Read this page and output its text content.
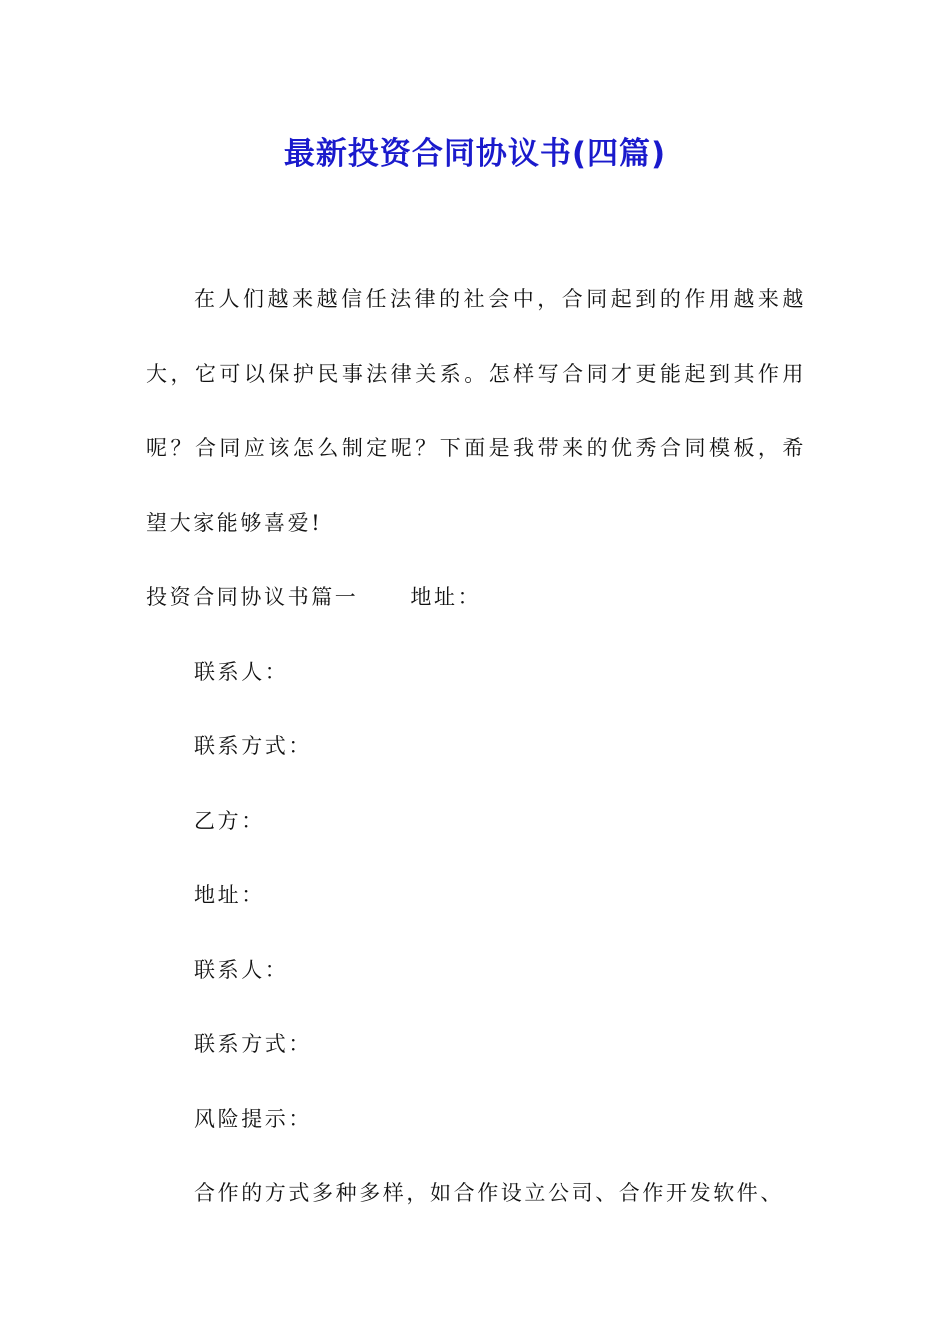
最新投资合同协议书(四篇)

在人们越来越信任法律的社会中，合同起到的作用越来越大，它可以保护民事法律关系。怎样写合同才更能起到其作用呢？合同应该怎么制定呢？下面是我带来的优秀合同模板，希望大家能够喜爱!

投资合同协议书篇一 地址：

联系人：

联系方式：

乙方：

地址：

联系人：

联系方式：

风险提示：

合作的方式多种多样，如合作设立公司、合作开发软件、
